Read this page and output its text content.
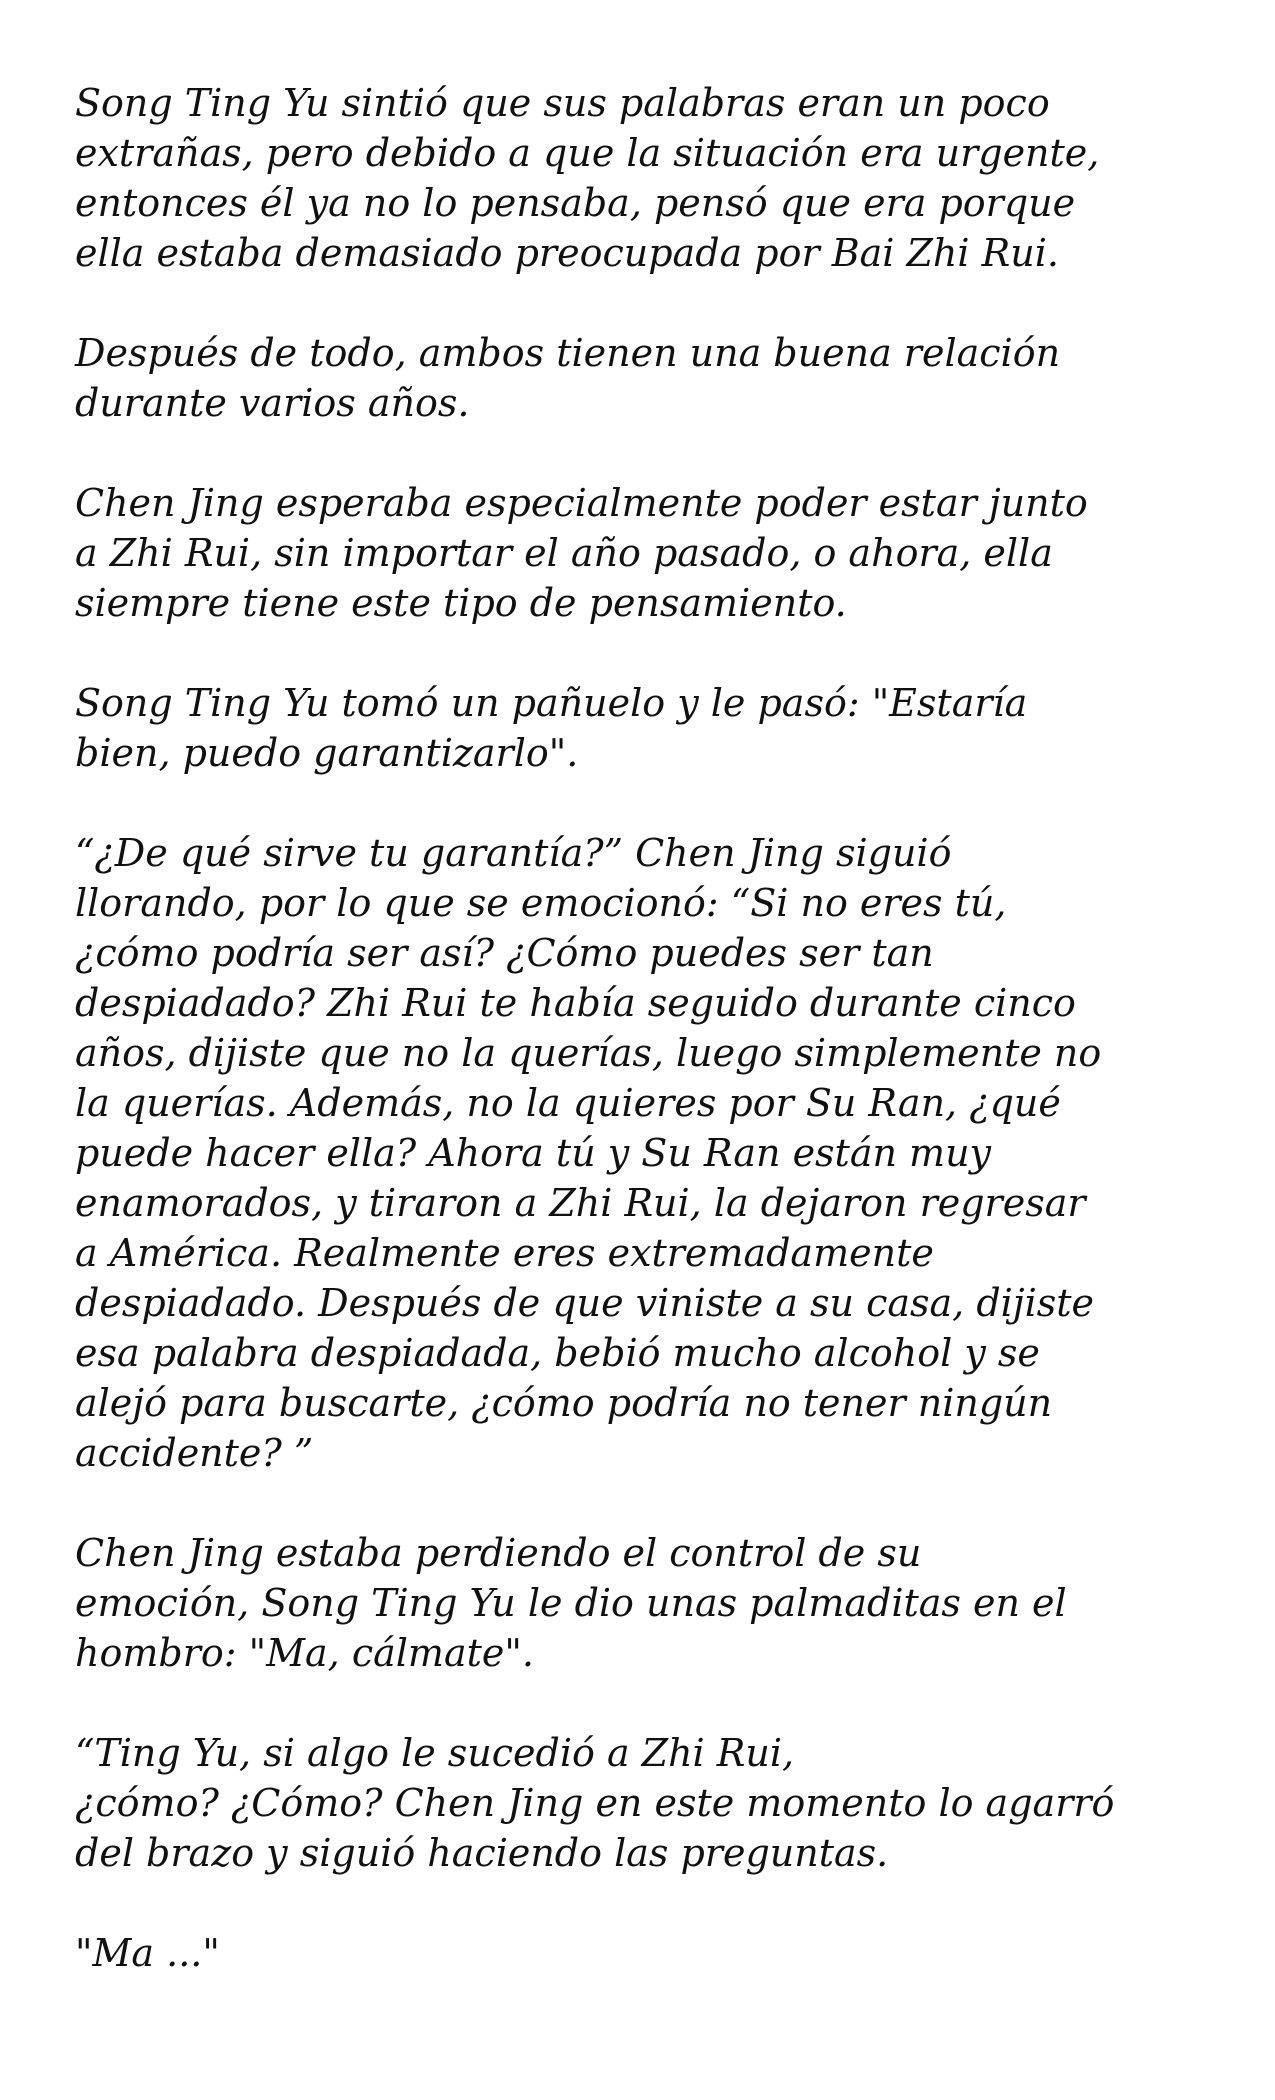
Song Ting Yu sintió que sus palabras eran un poco
extrañas, pero debido a que la situación era urgente,
entonces él ya no lo pensaba, pensó que era porque
ella estaba demasiado preocupada por Bai Zhi Rui.

Después de todo, ambos tienen una buena relación
durante varios años.

Chen Jing esperaba especialmente poder estar junto
a Zhi Rui, sin importar el año pasado, o ahora, ella
siempre tiene este tipo de pensamiento.

Song Ting Yu tomó un pañuelo y le pasó: "Estaría
bien, puedo garantizarlo".

“¿De qué sirve tu garantía?” Chen Jing siguió
llorando, por lo que se emocionó: “Si no eres tú,
¿cómo podría ser así? ¿Cómo puedes ser tan
despiadado? Zhi Rui te había seguido durante cinco
años, dijiste que no la querías, luego simplemente no
la querías. Además, no la quieres por Su Ran, ¿qué
puede hacer ella? Ahora tú y Su Ran están muy
enamorados, y tiraron a Zhi Rui, la dejaron regresar
a América. Realmente eres extremadamente
despiadado. Después de que viniste a su casa, dijiste
esa palabra despiadada, bebió mucho alcohol y se
alejó para buscarte, ¿cómo podría no tener ningún
accidente? ”

Chen Jing estaba perdiendo el control de su
emoción, Song Ting Yu le dio unas palmaditas en el
hombro: "Ma, cálmate".

“Ting Yu, si algo le sucedió a Zhi Rui,
¿cómo? ¿Cómo? Chen Jing en este momento lo agarró
del brazo y siguió haciendo las preguntas.

"Ma ..."
